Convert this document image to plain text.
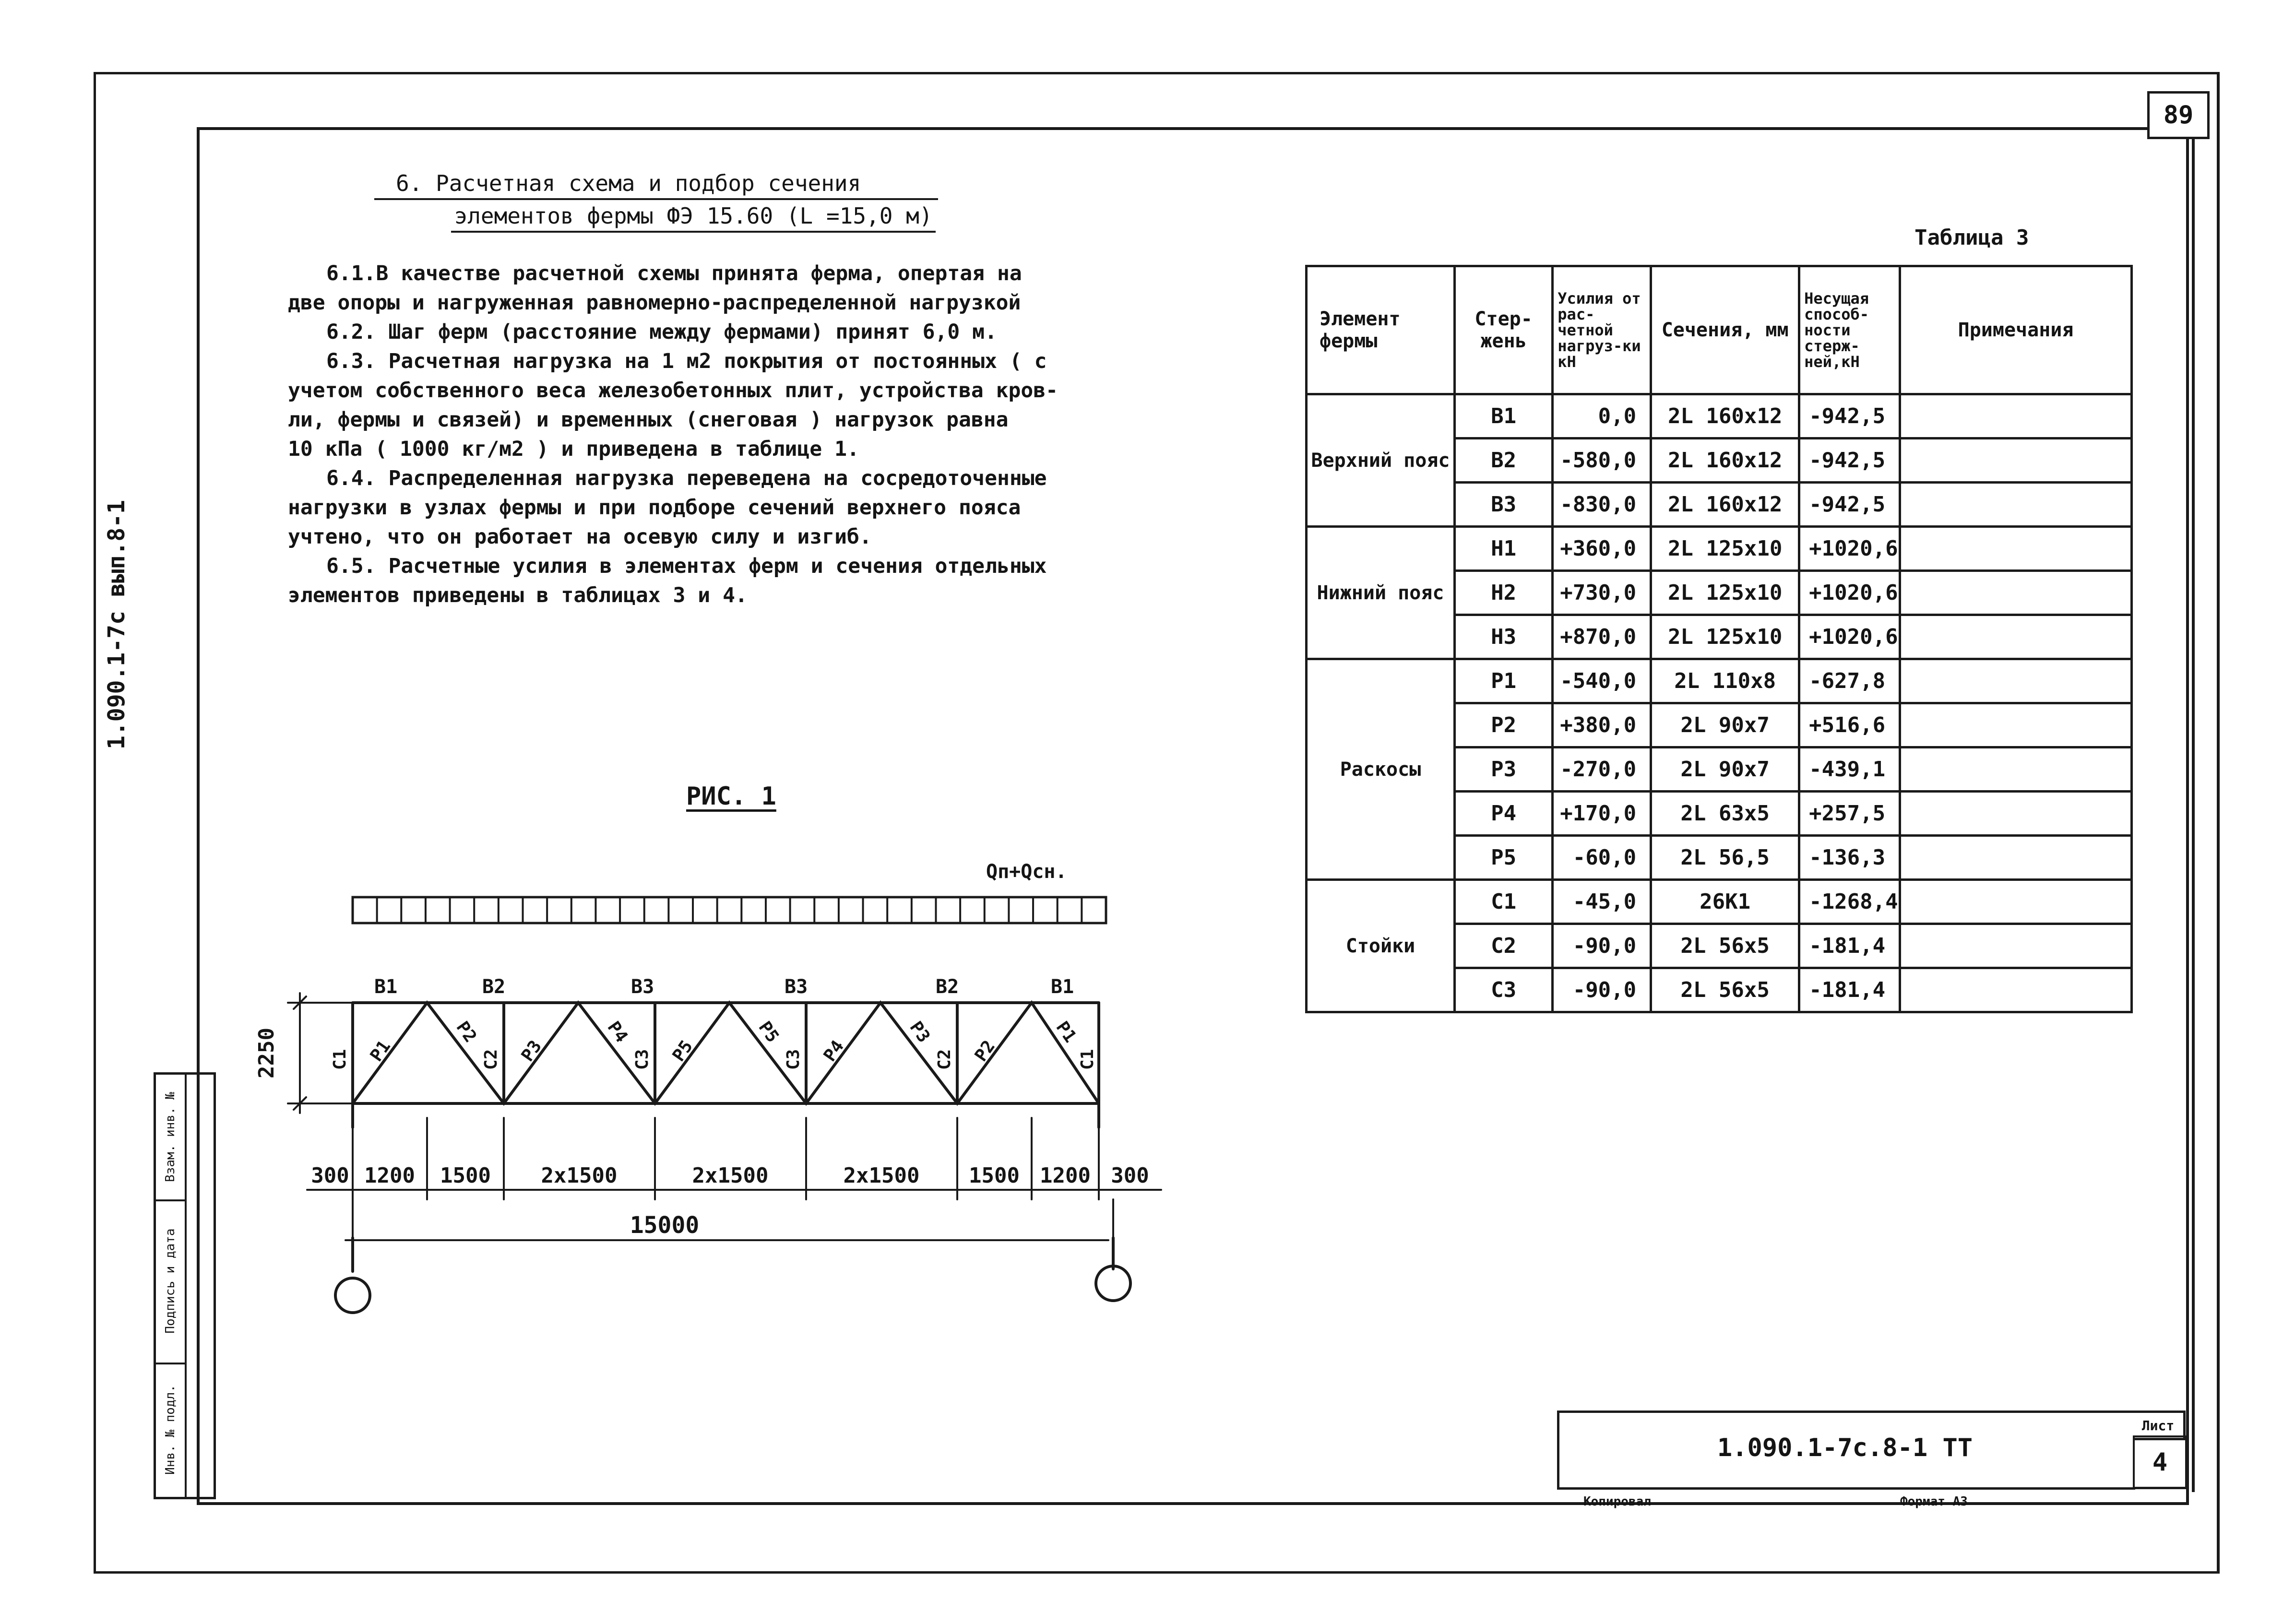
89
1.090.1-7с вып.8-1
Взам. инв. №
Подпись и дата
Инв. № подл.
6. Расчетная схема и подбор сечения
элементов фермы ФЭ 15.60 (L =15,0 м)
6.1.В качестве расчетной схемы принята ферма, опертая на
две опоры и нагруженная равномерно-распределенной нагрузкой
6.2. Шаг ферм (расстояние между фермами) принят 6,0 м.
6.3. Расчетная нагрузка на 1 м2 покрытия от постоянных ( с
учетом собственного веса железобетонных плит, устройства кров-
ли, фермы и связей) и временных (снеговая ) нагрузок равна
10 кПа ( 1000 кг/м2 ) и приведена в таблице 1.
6.4. Распределенная нагрузка переведена на сосредоточенные
нагрузки в узлах фермы и при подборе сечений верхнего пояса
учтено, что он работает на осевую силу и изгиб.
6.5. Расчетные усилия в элементах ферм и сечения отдельных
элементов приведены в таблицах 3 и 4.
РИС. 1
Qп+Qсн.
В1	В2	В3	В3	В2	В1
2250	С1 Р1
Р2
С2 Р3
Р4
С3 Р5
Р5
С3 Р4
Р3
С2 Р2
Р1
С1
300 1200 1500 2х1500	2х1500	2х1500 1500 1200 300
15000
Таблица 3
Элемент фермы	Стер-жень	Усилия от рас-четной нагруз-ки кН	Сечения, мм	Несущая способ-ности стерж-ней,кН	Примечания
Верхний пояс	В1	0,0	2L 160х12	-942,5	
	В2	-580,0	2L 160х12	-942,5	
	В3	-830,0	2L 160х12	-942,5	
Нижний пояс	Н1	+360,0	2L 125х10	+1020,6	
	Н2	+730,0	2L 125х10	+1020,6	
	Н3	+870,0	2L 125х10	+1020,6	
Раскосы	Р1	-540,0	2L 110х8	-627,8	
	Р2	+380,0	2L 90х7	+516,6	
	Р3	-270,0	2L 90х7	-439,1	
	Р4	+170,0	2L 63х5	+257,5	
	Р5	-60,0	2L 56,5	-136,3	
Стойки	С1	-45,0	26К1	-1268,4	
	С2	-90,0	2L 56х5	-181,4	
	С3	-90,0	2L 56х5	-181,4	
1.090.1-7с.8-1 ТТ
Лист
4
Копировал	Формат А3
